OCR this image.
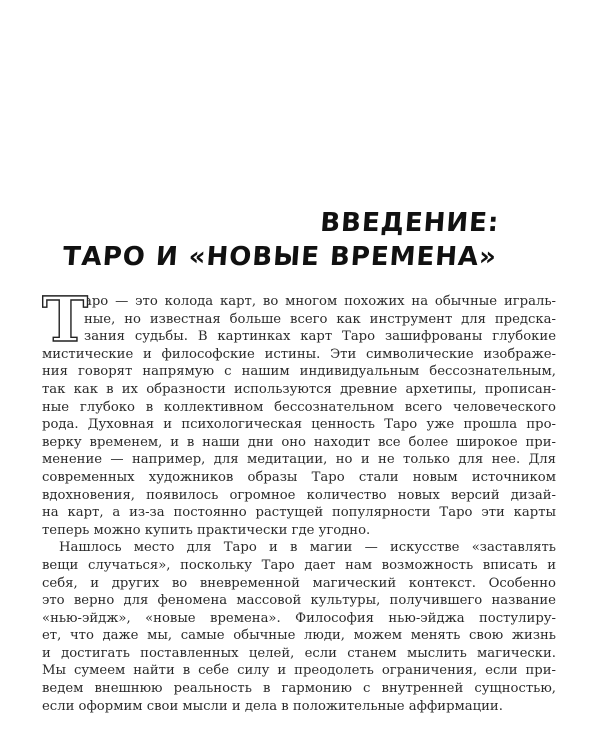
ВВЕДЕНИЕ:
ТАРО И «НОВЫЕ ВРЕМЕНА»
Т
аро — это колода карт, во многом похожих на обычные играль-
ные, но известная больше всего как инструмент для предска-
зания судьбы. В картинках карт Таро зашифрованы глубокие
мистические и философские истины. Эти символические изображе-
ния говорят напрямую с нашим индивидуальным бессознательным,
так как в их образности используются древние архетипы, прописан-
ные глубоко в коллективном бессознательном всего человеческого
рода. Духовная и психологическая ценность Таро уже прошла про-
верку временем, и в наши дни оно находит все более широкое при-
менение — например, для медитации, но и не только для нее. Для
современных художников образы Таро стали новым источником
вдохновения, появилось огромное количество новых версий дизай-
на карт, а из-за постоянно растущей популярности Таро эти карты
теперь можно купить практически где угодно.
Нашлось место для Таро и в магии — искусстве «заставлять
вещи случаться», поскольку Таро дает нам возможность вписать и
себя, и других во вневременной магический контекст. Особенно
это верно для феномена массовой культуры, получившего название
«нью-эйдж», «новые времена». Философия нью-эйджа постулиру-
ет, что даже мы, самые обычные люди, можем менять свою жизнь
и достигать поставленных целей, если станем мыслить магически.
Мы сумеем найти в себе силу и преодолеть ограничения, если при-
ведем внешнюю реальность в гармонию с внутренней сущностью,
если оформим свои мысли и дела в положительные аффирмации.
